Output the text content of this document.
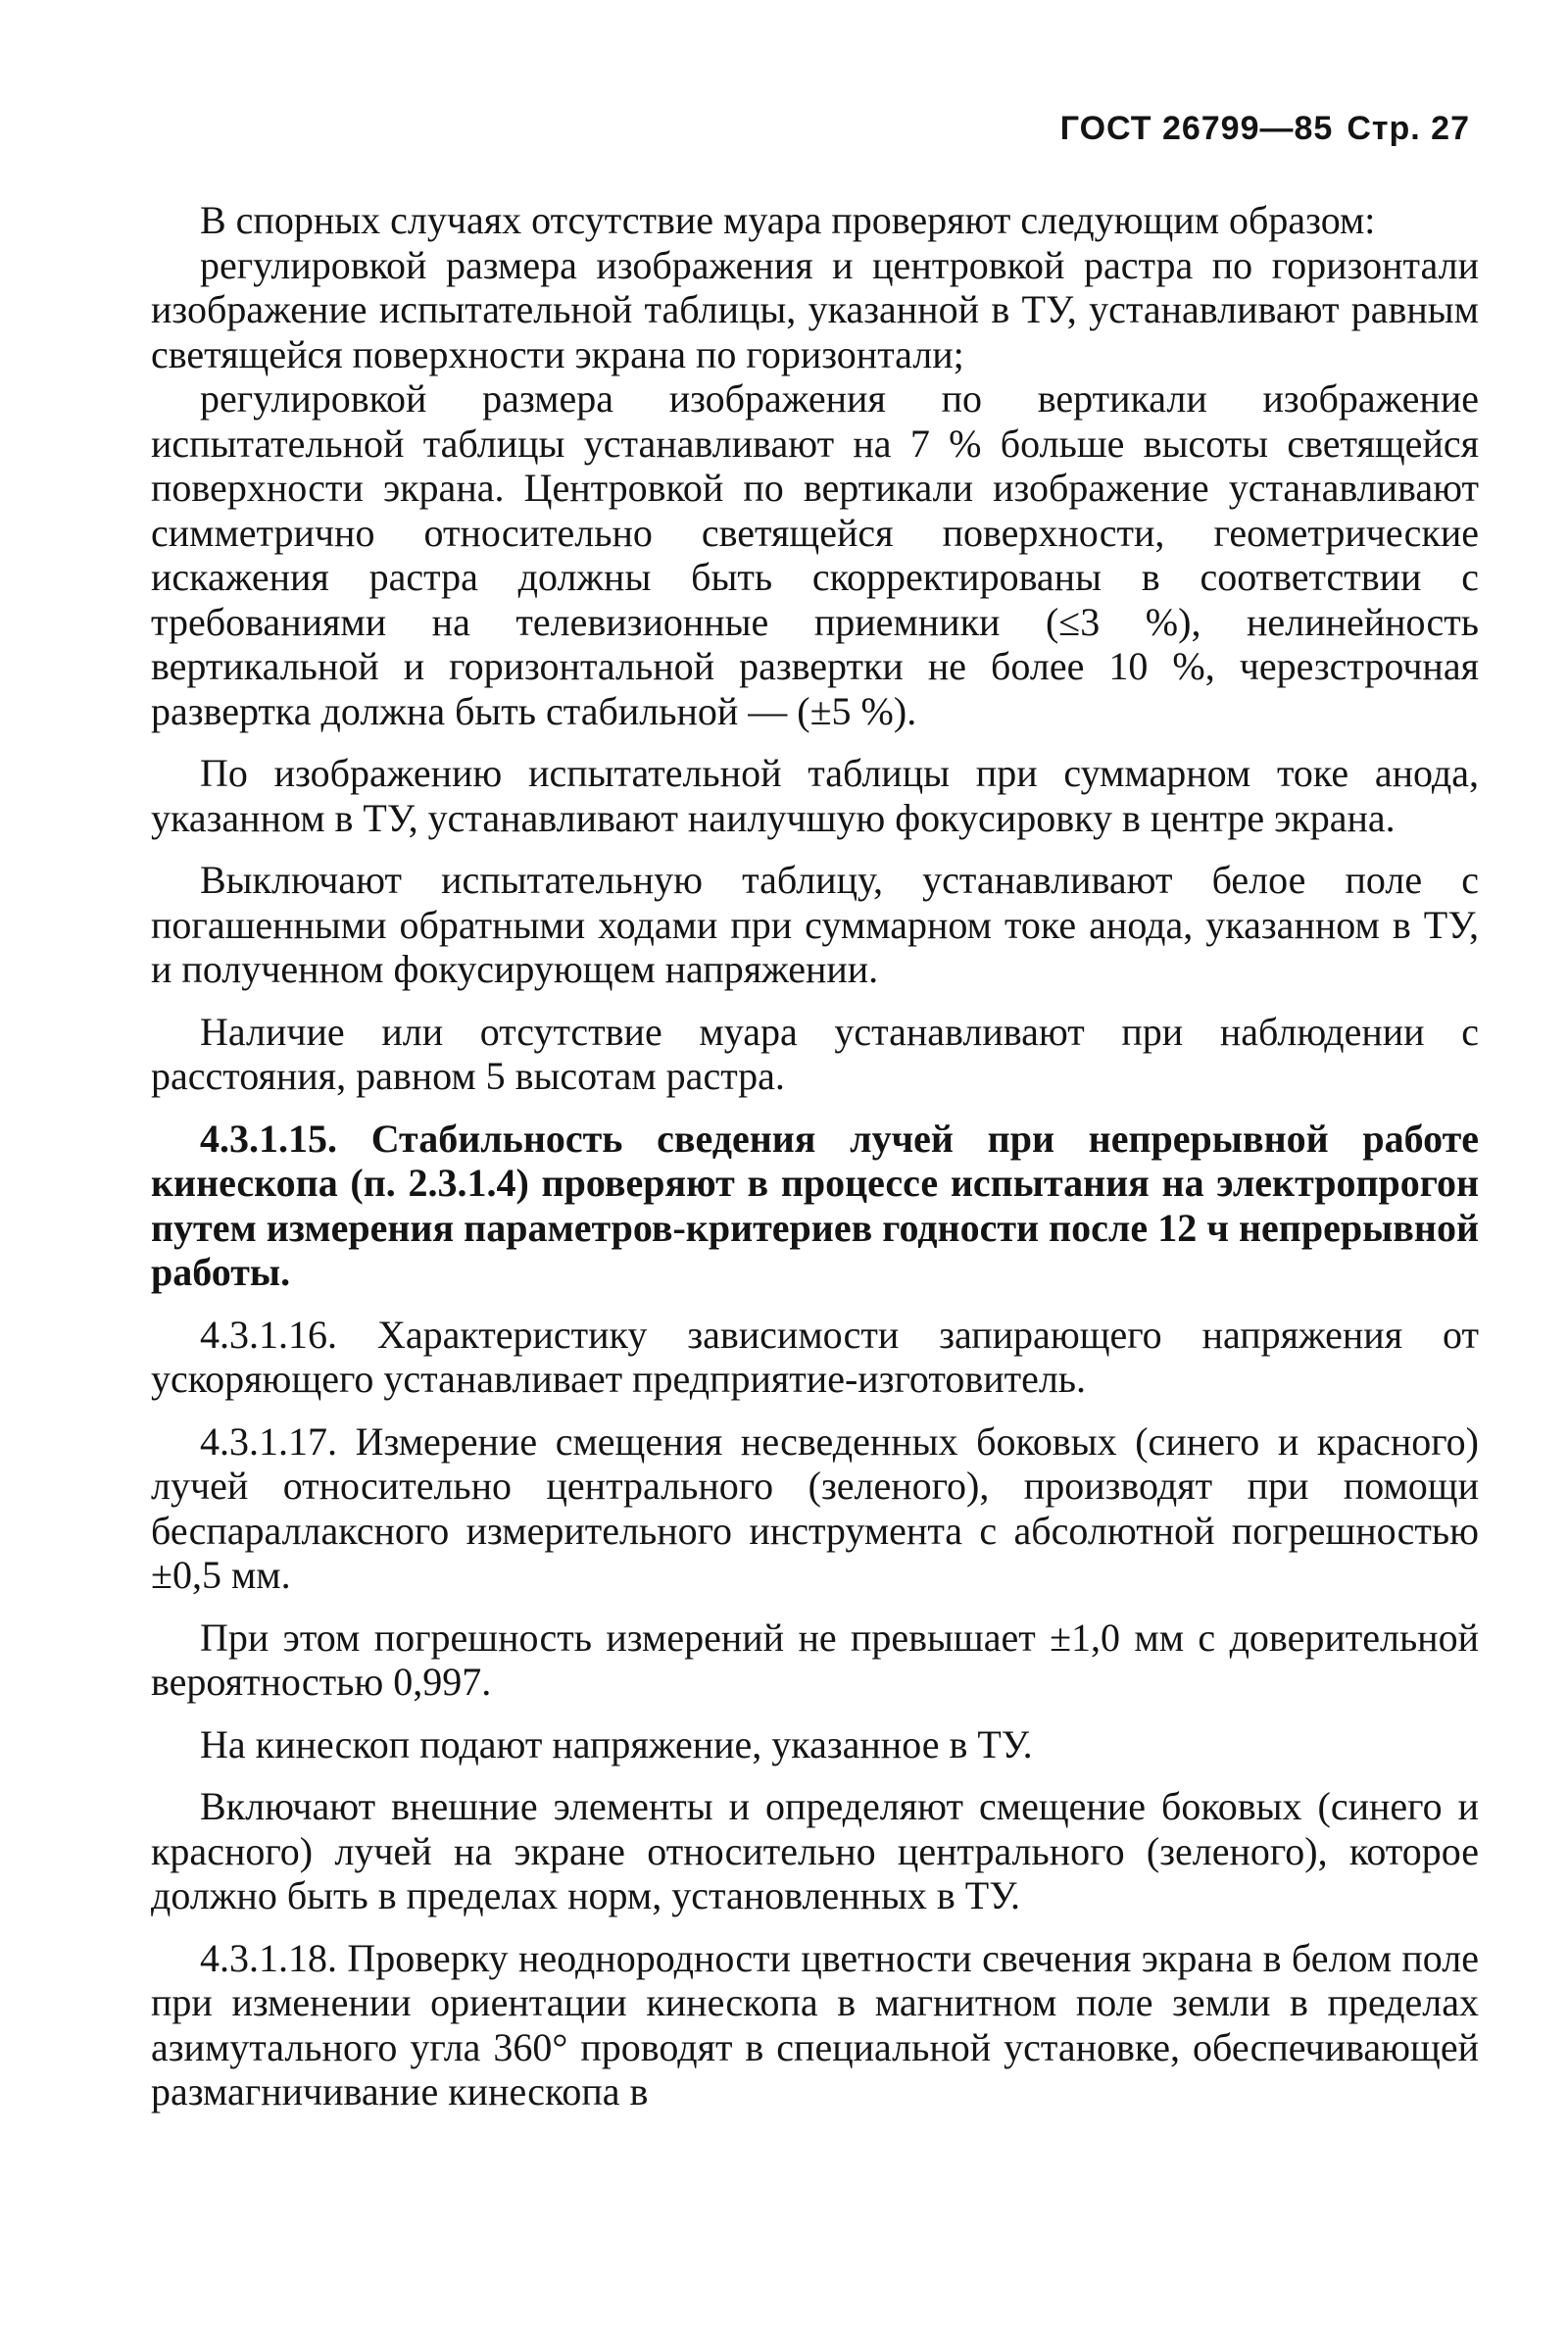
ГОСТ 26799—85 Стр. 27

В спорных случаях отсутствие муара проверяют следующим образом:

регулировкой размера изображения и центровкой растра по горизонтали изображение испытательной таблицы, указанной в ТУ, устанавливают равным светящейся поверхности экрана по горизонтали;

регулировкой размера изображения по вертикали изображение испытательной таблицы устанавливают на 7 % больше высоты светящейся поверхности экрана. Центровкой по вертикали изображение устанавливают симметрично относительно светящейся поверхности, геометрические искажения растра должны быть скорректированы в соответствии с требованиями на телевизионные приемники (≤3 %), нелинейность вертикальной и горизонтальной развертки не более 10 %, черезстрочная развертка должна быть стабильной — (±5 %).

По изображению испытательной таблицы при суммарном токе анода, указанном в ТУ, устанавливают наилучшую фокусировку в центре экрана.

Выключают испытательную таблицу, устанавливают белое поле с погашенными обратными ходами при суммарном токе анода, указанном в ТУ, и полученном фокусирующем напряжении.

Наличие или отсутствие муара устанавливают при наблюдении с расстояния, равном 5 высотам растра.

4.3.1.15. Стабильность сведения лучей при непрерывной работе кинескопа (п. 2.3.1.4) проверяют в процессе испытания на электропрогон путем измерения параметров-критериев годности после 12 ч непрерывной работы.

4.3.1.16. Характеристику зависимости запирающего напряжения от ускоряющего устанавливает предприятие-изготовитель.

4.3.1.17. Измерение смещения несведенных боковых (синего и красного) лучей относительно центрального (зеленого), производят при помощи беспараллаксного измерительного инструмента с абсолютной погрешностью ±0,5 мм.

При этом погрешность измерений не превышает ±1,0 мм с доверительной вероятностью 0,997.

На кинескоп подают напряжение, указанное в ТУ.

Включают внешние элементы и определяют смещение боковых (синего и красного) лучей на экране относительно центрального (зеленого), которое должно быть в пределах норм, установленных в ТУ.

4.3.1.18. Проверку неоднородности цветности свечения экрана в белом поле при изменении ориентации кинескопа в магнитном поле земли в пределах азимутального угла 360° проводят в специальной установке, обеспечивающей размагничивание кинескопа в
